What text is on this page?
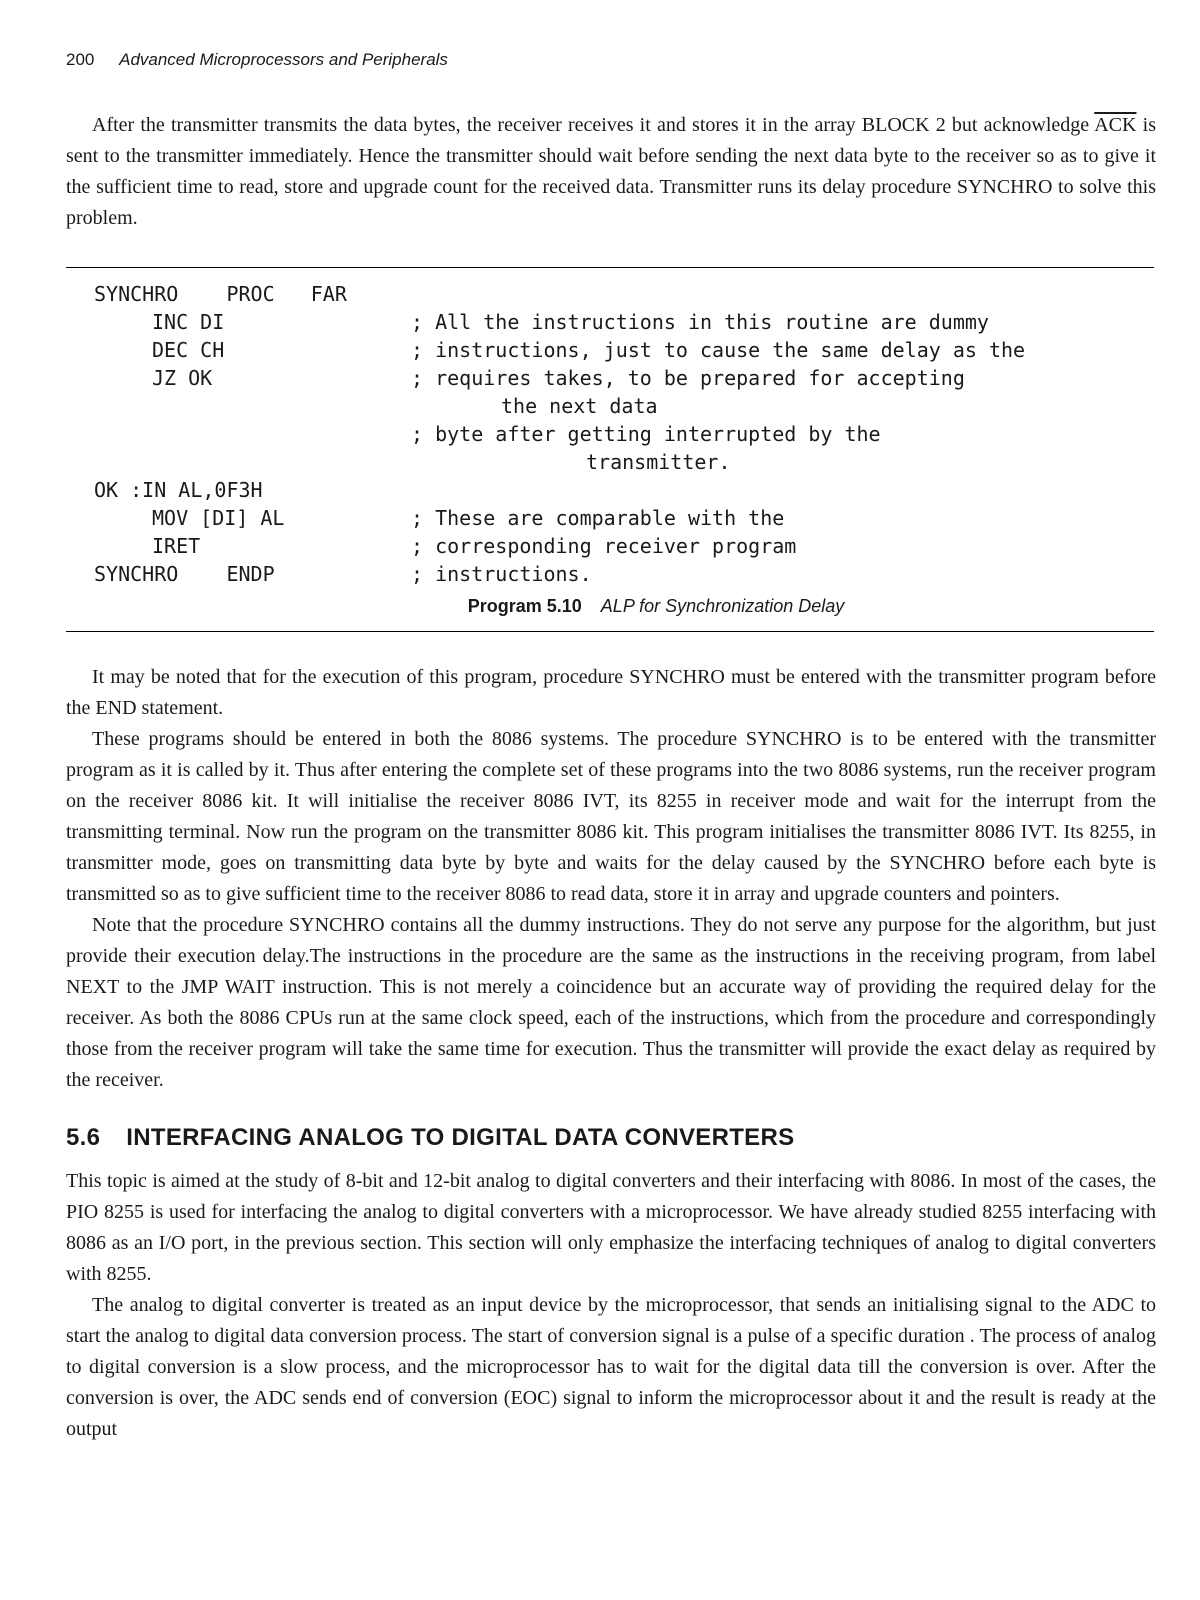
200 Advanced Microprocessors and Peripherals

After the transmitter transmits the data bytes, the receiver receives it and stores it in the array BLOCK 2 but acknowledge $\overline{ACK}$ is sent to the transmitter immediately. Hence the transmitter should wait before sending the next data byte to the receiver so as to give it the sufficient time to read, store and upgrade count for the received data. Transmitter runs its delay procedure SYNCHRO to solve this problem.

SYNCHRO    PROC   FAR
INC DI	; All the instructions in this routine are dummy
DEC CH	; instructions, just to cause the same delay as the
JZ OK	; requires takes, to be prepared for accepting
the next data
; byte after getting interrupted by the
transmitter.
OK :IN AL,0F3H
MOV [DI] AL	; These are comparable with the
IRET	; corresponding receiver program
SYNCHRO    ENDP	; instructions.
Program 5.10 ALP for Synchronization Delay

It may be noted that for the execution of this program, procedure SYNCHRO must be entered with the transmitter program before the END statement.

These programs should be entered in both the 8086 systems. The procedure SYNCHRO is to be entered with the transmitter program as it is called by it. Thus after entering the complete set of these programs into the two 8086 systems, run the receiver program on the receiver 8086 kit. It will initialise the receiver 8086 IVT, its 8255 in receiver mode and wait for the interrupt from the transmitting terminal. Now run the program on the transmitter 8086 kit. This program initialises the transmitter 8086 IVT. Its 8255, in transmitter mode, goes on transmitting data byte by byte and waits for the delay caused by the SYNCHRO before each byte is transmitted so as to give sufficient time to the receiver 8086 to read data, store it in array and upgrade counters and pointers.

Note that the procedure SYNCHRO contains all the dummy instructions. They do not serve any purpose for the algorithm, but just provide their execution delay.The instructions in the procedure are the same as the instructions in the receiving program, from label NEXT to the JMP WAIT instruction. This is not merely a coincidence but an accurate way of providing the required delay for the receiver. As both the 8086 CPUs run at the same clock speed, each of the instructions, which from the procedure and correspondingly those from the receiver program will take the same time for execution. Thus the transmitter will provide the exact delay as required by the receiver.

5.6 INTERFACING ANALOG TO DIGITAL DATA CONVERTERS

This topic is aimed at the study of 8-bit and 12-bit analog to digital converters and their interfacing with 8086. In most of the cases, the PIO 8255 is used for interfacing the analog to digital converters with a microprocessor. We have already studied 8255 interfacing with 8086 as an I/O port, in the previous section. This section will only emphasize the interfacing techniques of analog to digital converters with 8255.

The analog to digital converter is treated as an input device by the microprocessor, that sends an initialising signal to the ADC to start the analog to digital data conversion process. The start of conversion signal is a pulse of a specific duration . The process of analog to digital conversion is a slow process, and the microprocessor has to wait for the digital data till the conversion is over. After the conversion is over, the ADC sends end of conversion (EOC) signal to inform the microprocessor about it and the result is ready at the output
